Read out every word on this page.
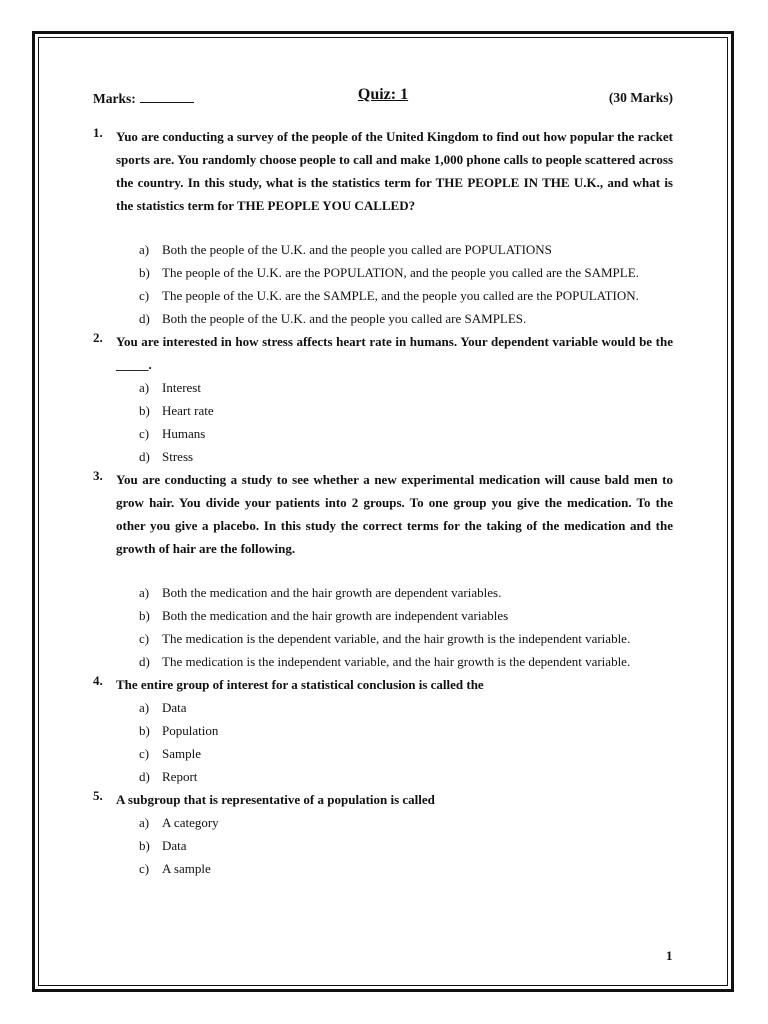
Marks:	Quiz: 1	(30 Marks)
1. Yuo are conducting a survey of the people of the United Kingdom to find out how popular the racket sports are. You randomly choose people to call and make 1,000 phone calls to people scattered across the country. In this study, what is the statistics term for THE PEOPLE IN THE U.K., and what is the statistics term for THE PEOPLE YOU CALLED?
a) Both the people of the U.K. and the people you called are POPULATIONS
b) The people of the U.K. are the POPULATION, and the people you called are the SAMPLE.
c) The people of the U.K. are the SAMPLE, and the people you called are the POPULATION.
d) Both the people of the U.K. and the people you called are SAMPLES.
2. You are interested in how stress affects heart rate in humans. Your dependent variable would be the _____.
a) Interest
b) Heart rate
c) Humans
d) Stress
3. You are conducting a study to see whether a new experimental medication will cause bald men to grow hair. You divide your patients into 2 groups. To one group you give the medication. To the other you give a placebo. In this study the correct terms for the taking of the medication and the growth of hair are the following.
a) Both the medication and the hair growth are dependent variables.
b) Both the medication and the hair growth are independent variables
c) The medication is the dependent variable, and the hair growth is the independent variable.
d) The medication is the independent variable, and the hair growth is the dependent variable.
4. The entire group of interest for a statistical conclusion is called the
a) Data
b) Population
c) Sample
d) Report
5. A subgroup that is representative of a population is called
a) A category
b) Data
c) A sample
1
